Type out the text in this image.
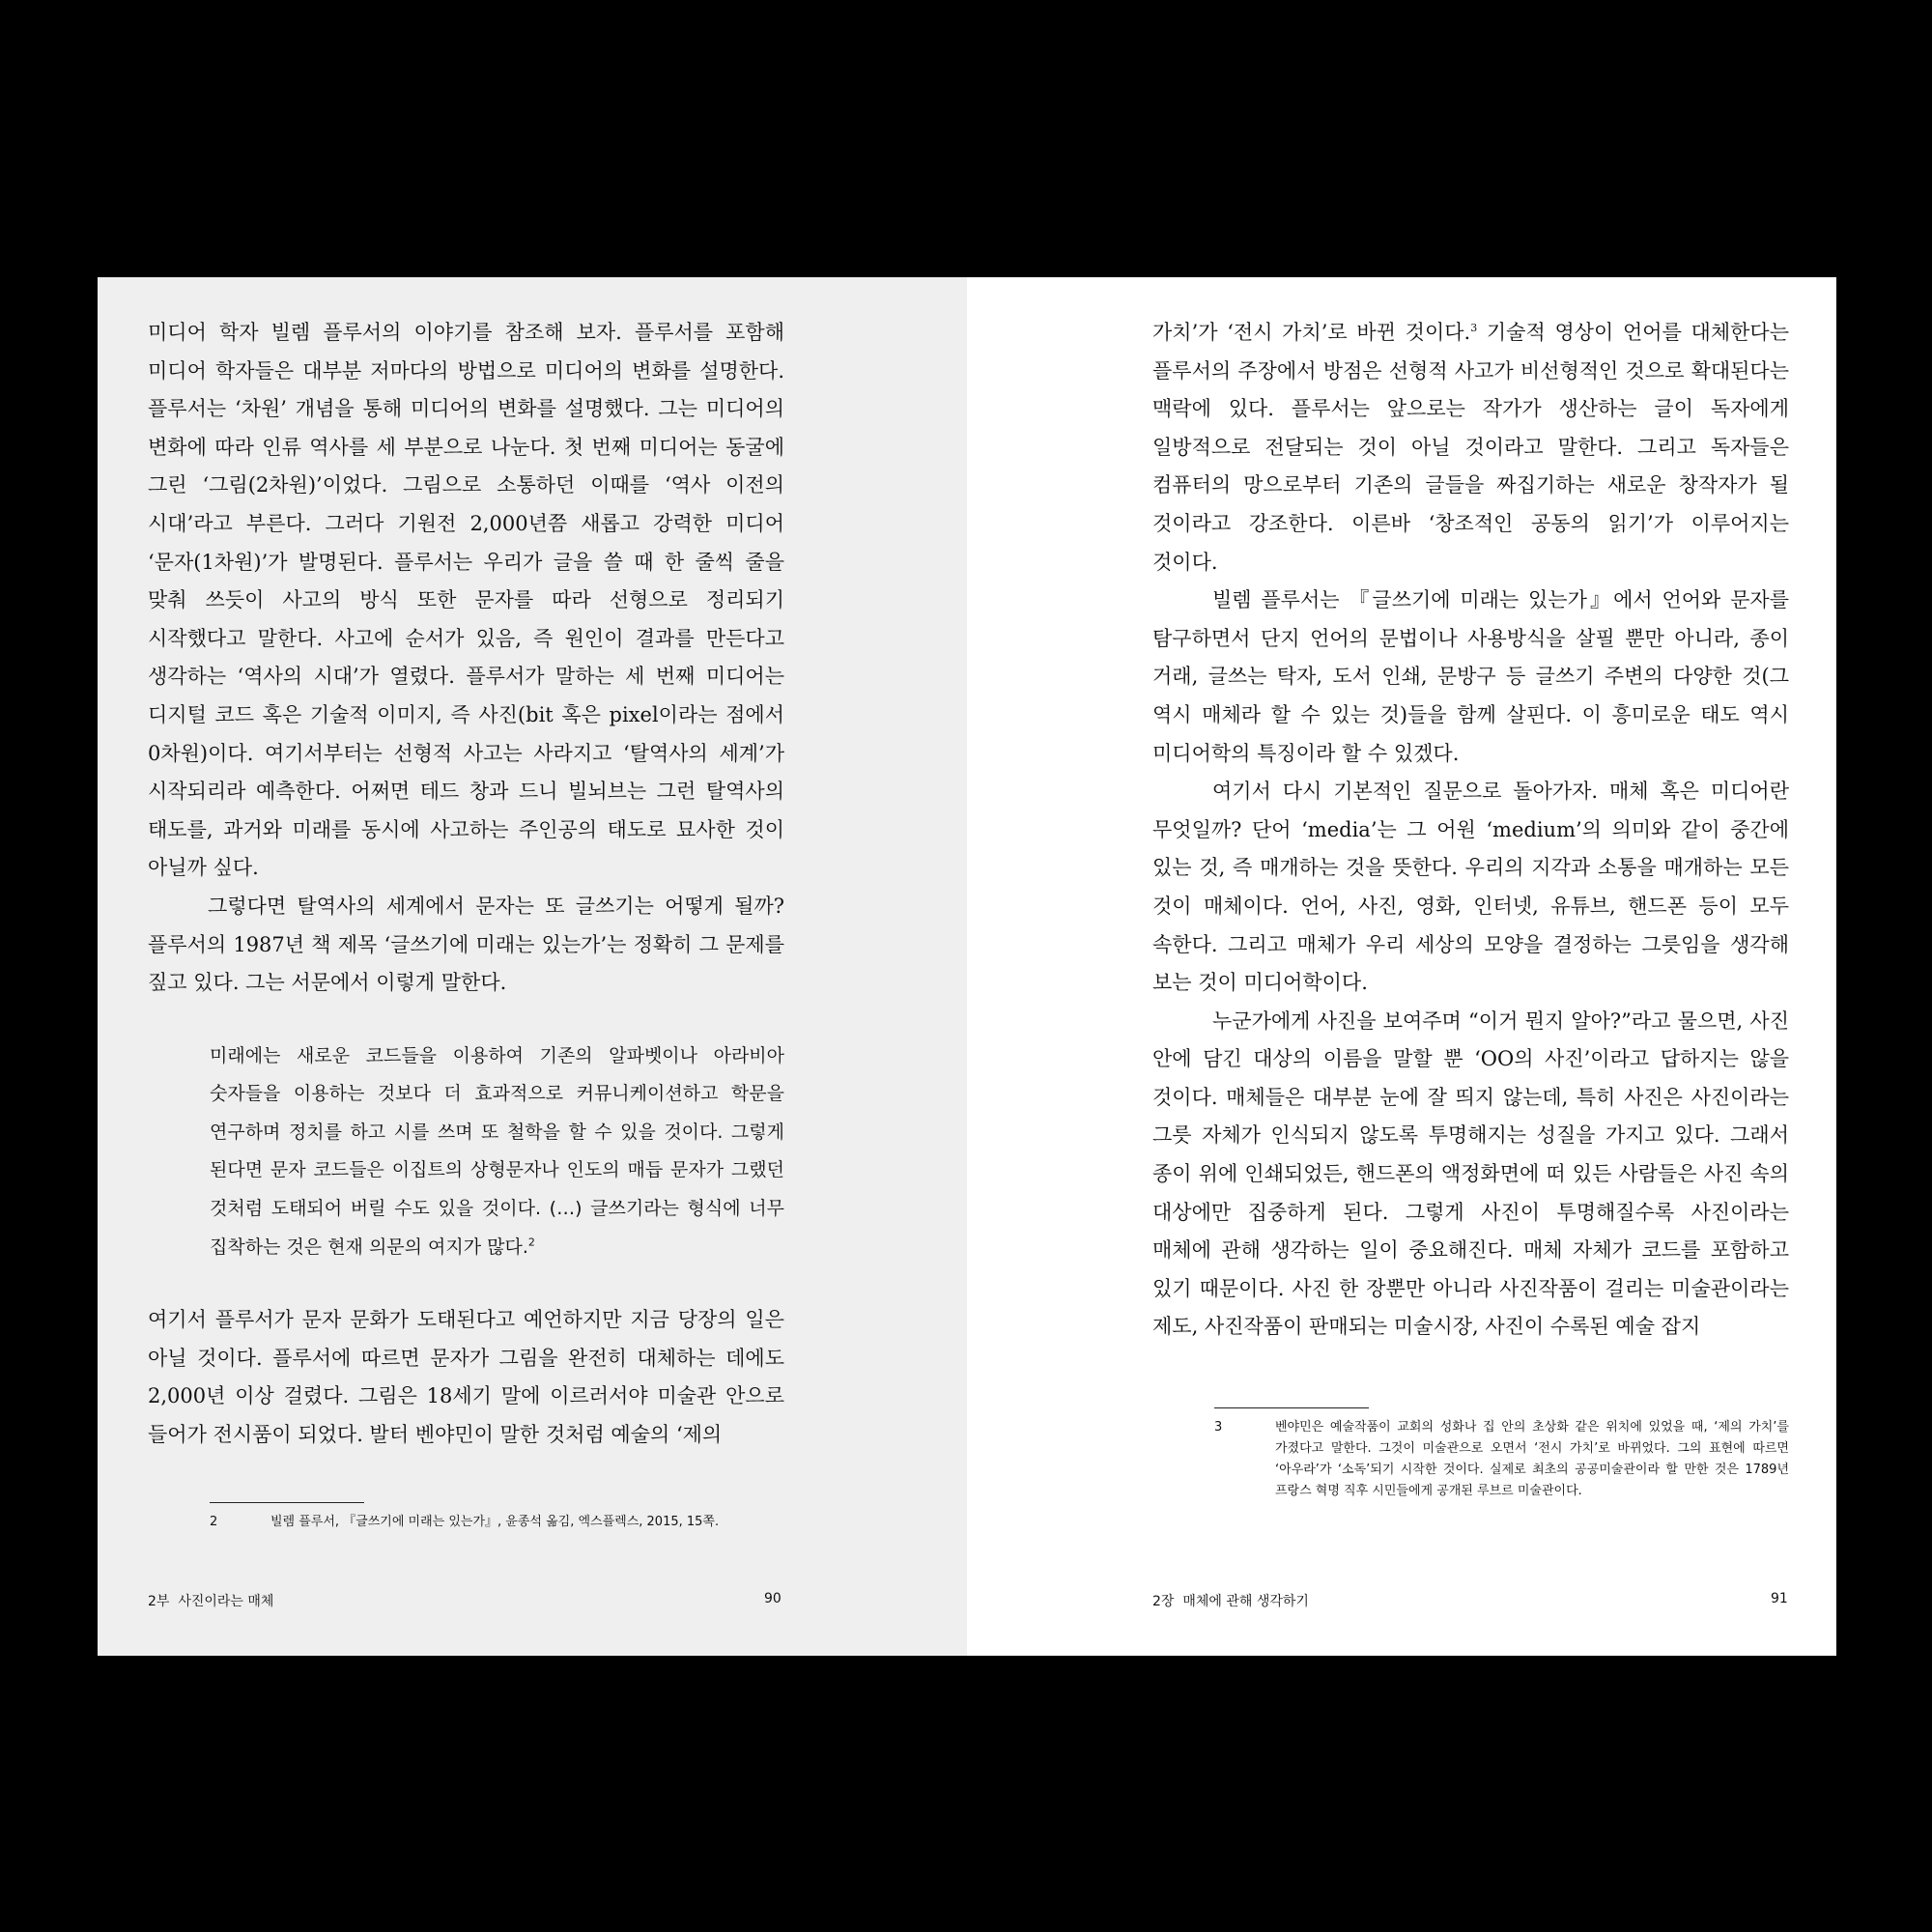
미디어 학자 빌렘 플루서의 이야기를 참조해 보자. 플루서를 포함해 미디어 학자들은 대부분 저마다의 방법으로 미디어의 변화를 설명한다. 플루서는 ‘차원’ 개념을 통해 미디어의 변화를 설명했다. 그는 미디어의 변화에 따라 인류 역사를 세 부분으로 나눈다. 첫 번째 미디어는 동굴에 그린 ‘그림(2차원)’이었다. 그림으로 소통하던 이때를 ‘역사 이전의 시대’라고 부른다. 그러다 기원전 2,000년쯤 새롭고 강력한 미디어 ‘문자(1차원)’가 발명된다. 플루서는 우리가 글을 쓸 때 한 줄씩 줄을 맞춰 쓰듯이 사고의 방식 또한 문자를 따라 선형으로 정리되기 시작했다고 말한다. 사고에 순서가 있음, 즉 원인이 결과를 만든다고 생각하는 ‘역사의 시대’가 열렸다. 플루서가 말하는 세 번째 미디어는 디지털 코드 혹은 기술적 이미지, 즉 사진(bit 혹은 pixel이라는 점에서 0차원)이다. 여기서부터는 선형적 사고는 사라지고 ‘탈역사의 세계’가 시작되리라 예측한다. 어쩌면 테드 창과 드니 빌뇌브는 그런 탈역사의 태도를, 과거와 미래를 동시에 사고하는 주인공의 태도로 묘사한 것이 아닐까 싶다.

그렇다면 탈역사의 세계에서 문자는 또 글쓰기는 어떻게 될까? 플루서의 1987년 책 제목 ‘글쓰기에 미래는 있는가’는 정확히 그 문제를 짚고 있다. 그는 서문에서 이렇게 말한다.

미래에는 새로운 코드들을 이용하여 기존의 알파벳이나 아라비아 숫자들을 이용하는 것보다 더 효과적으로 커뮤니케이션하고 학문을 연구하며 정치를 하고 시를 쓰며 또 철학을 할 수 있을 것이다. 그렇게 된다면 문자 코드들은 이집트의 상형문자나 인도의 매듭 문자가 그랬던 것처럼 도태되어 버릴 수도 있을 것이다. (…) 글쓰기라는 형식에 너무 집착하는 것은 현재 의문의 여지가 많다.$^2$

여기서 플루서가 문자 문화가 도태된다고 예언하지만 지금 당장의 일은 아닐 것이다. 플루서에 따르면 문자가 그림을 완전히 대체하는 데에도 2,000년 이상 걸렸다. 그림은 18세기 말에 이르러서야 미술관 안으로 들어가 전시품이 되었다. 발터 벤야민이 말한 것처럼 예술의 ‘제의

2	빌렘 플루서, 『글쓰기에 미래는 있는가』, 윤종석 옮김, 엑스플렉스, 2015, 15쪽.
2부  사진이라는 매체	90

가치’가 ‘전시 가치’로 바뀐 것이다.$^3$ 기술적 영상이 언어를 대체한다는 플루서의 주장에서 방점은 선형적 사고가 비선형적인 것으로 확대된다는 맥락에 있다. 플루서는 앞으로는 작가가 생산하는 글이 독자에게 일방적으로 전달되는 것이 아닐 것이라고 말한다. 그리고 독자들은 컴퓨터의 망으로부터 기존의 글들을 짜집기하는 새로운 창작자가 될 것이라고 강조한다. 이른바 ‘창조적인 공동의 읽기’가 이루어지는 것이다.

빌렘 플루서는 『글쓰기에 미래는 있는가』에서 언어와 문자를 탐구하면서 단지 언어의 문법이나 사용방식을 살필 뿐만 아니라, 종이 거래, 글쓰는 탁자, 도서 인쇄, 문방구 등 글쓰기 주변의 다양한 것(그 역시 매체라 할 수 있는 것)들을 함께 살핀다. 이 흥미로운 태도 역시 미디어학의 특징이라 할 수 있겠다.

여기서 다시 기본적인 질문으로 돌아가자. 매체 혹은 미디어란 무엇일까? 단어 ‘media’는 그 어원 ‘medium’의 의미와 같이 중간에 있는 것, 즉 매개하는 것을 뜻한다. 우리의 지각과 소통을 매개하는 모든 것이 매체이다. 언어, 사진, 영화, 인터넷, 유튜브, 핸드폰 등이 모두 속한다. 그리고 매체가 우리 세상의 모양을 결정하는 그릇임을 생각해 보는 것이 미디어학이다.

누군가에게 사진을 보여주며 “이거 뭔지 알아?”라고 물으면, 사진 안에 담긴 대상의 이름을 말할 뿐 ‘OO의 사진’이라고 답하지는 않을 것이다. 매체들은 대부분 눈에 잘 띄지 않는데, 특히 사진은 사진이라는 그릇 자체가 인식되지 않도록 투명해지는 성질을 가지고 있다. 그래서 종이 위에 인쇄되었든, 핸드폰의 액정화면에 떠 있든 사람들은 사진 속의 대상에만 집중하게 된다. 그렇게 사진이 투명해질수록 사진이라는 매체에 관해 생각하는 일이 중요해진다. 매체 자체가 코드를 포함하고 있기 때문이다. 사진 한 장뿐만 아니라 사진작품이 걸리는 미술관이라는 제도, 사진작품이 판매되는 미술시장, 사진이 수록된 예술 잡지

3	벤야민은 예술작품이 교회의 성화나 집 안의 초상화 같은 위치에 있었을 때, ‘제의 가치’를 가졌다고 말한다. 그것이 미술관으로 오면서 ‘전시 가치’로 바뀌었다. 그의 표현에 따르면 ‘아우라’가 ‘소독’되기 시작한 것이다. 실제로 최초의 공공미술관이라 할 만한 것은 1789년 프랑스 혁명 직후 시민들에게 공개된 루브르 미술관이다.
2장  매체에 관해 생각하기	91
